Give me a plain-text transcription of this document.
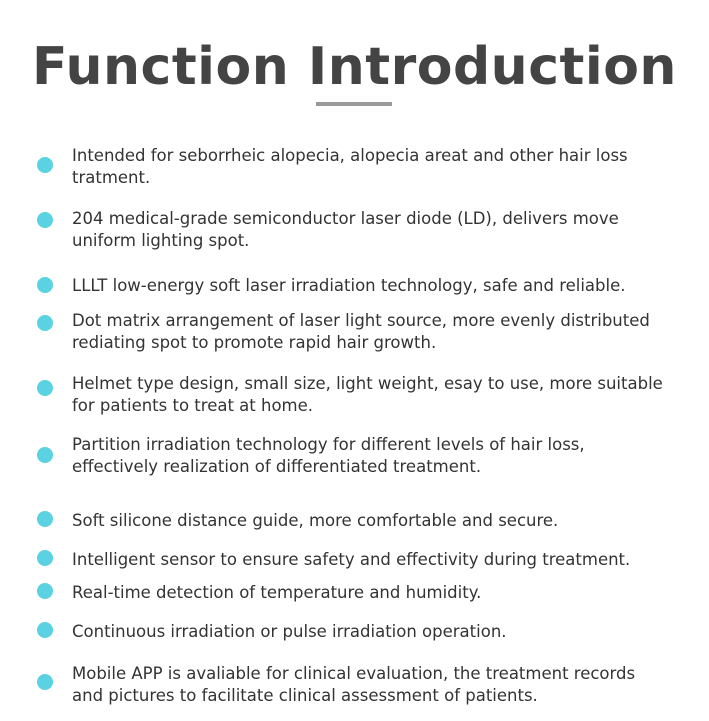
Function Introduction
Intended for seborrheic alopecia, alopecia areat and other hair loss
tratment.
204 medical-grade semiconductor laser diode (LD), delivers move
uniform lighting spot.
LLLT low-energy soft laser irradiation technology, safe and reliable.
Dot matrix arrangement of laser light source, more evenly distributed
rediating spot to promote rapid hair growth.
Helmet type design, small size, light weight, esay to use, more suitable
for patients to treat at home.
Partition irradiation technology for different levels of hair loss,
effectively realization of differentiated treatment.
Soft silicone distance guide, more comfortable and secure.
Intelligent sensor to ensure safety and effectivity during treatment.
Real-time detection of temperature and humidity.
Continuous irradiation or pulse irradiation operation.
Mobile APP is avaliable for clinical evaluation, the treatment records
and pictures to facilitate clinical assessment of patients.
